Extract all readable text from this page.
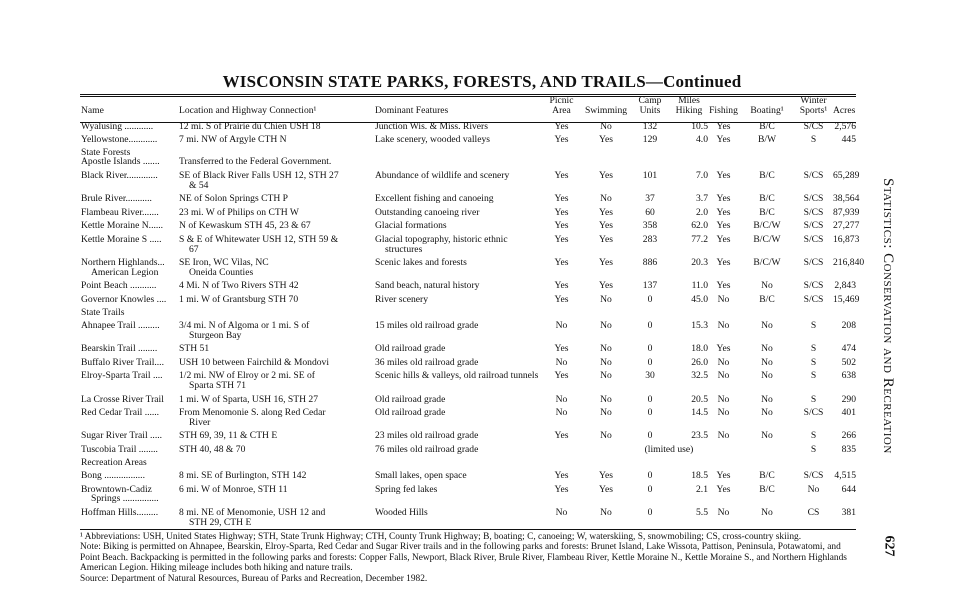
WISCONSIN STATE PARKS, FORESTS, AND TRAILS—Continued
Name	Location and Highway Connection¹	Dominant Features	Picnic Area	Swimming	Camp Units	Miles Hiking	Fishing	Boating¹	Winter Sports¹	Acres
Wyalusing ............	12 mi. S of Prairie du Chien USH 18	Junction Wis. & Miss. Rivers	Yes	No	132	10.5	Yes	B/C	S/CS	2,576
Yellowstone............	7 mi. NW of Argyle CTH N	Lake scenery, wooded valleys	Yes	Yes	129	4.0	Yes	B/W	S	445
State Forests										
Apostle Islands .......	Transferred to the Federal Government.									
Black River.............	SE of Black River Falls USH 12, STH 27	Abundance of wildlife and scenery	Yes	Yes	101	7.0	Yes	B/C	S/CS	65,289
	& 54									
Brule River...........	NE of Solon Springs CTH P	Excellent fishing and canoeing	Yes	No	37	3.7	Yes	B/C	S/CS	38,564
Flambeau River.......	23 mi. W of Philips on CTH W	Outstanding canoeing river	Yes	Yes	60	2.0	Yes	B/C	S/CS	87,939
Kettle Moraine N......	N of Kewaskum STH 45, 23 & 67	Glacial formations	Yes	Yes	358	62.0	Yes	B/C/W	S/CS	27,277
Kettle Moraine S .....	S & E of Whitewater USH 12, STH 59 &	Glacial topography, historic ethnic	Yes	Yes	283	77.2	Yes	B/C/W	S/CS	16,873
	67	structures								
Northern Highlands...	SE Iron, WC Vilas, NC	Scenic lakes and forests	Yes	Yes	886	20.3	Yes	B/C/W	S/CS	216,840
American Legion	Oneida Counties									
Point Beach ...........	4 Mi. N of Two Rivers STH 42	Sand beach, natural history	Yes	Yes	137	11.0	Yes	No	S/CS	2,843
Governor Knowles ....	1 mi. W of Grantsburg STH 70	River scenery	Yes	No	0	45.0	No	B/C	S/CS	15,469
State Trails										
Ahnapee Trail .........	3/4 mi. N of Algoma or 1 mi. S of	15 miles old railroad grade	No	No	0	15.3	No	No	S	208
	Sturgeon Bay									
Bearskin Trail ........	STH 51	Old railroad grade	Yes	No	0	18.0	Yes	No	S	474
Buffalo River Trail....	USH 10 between Fairchild & Mondovi	36 miles old railroad grade	No	No	0	26.0	No	No	S	502
Elroy-Sparta Trail ....	1/2 mi. NW of Elroy or 2 mi. SE of	Scenic hills & valleys, old railroad tunnels	Yes	No	30	32.5	No	No	S	638
	Sparta STH 71									
La Crosse River Trail	1 mi. W of Sparta, USH 16, STH 27	Old railroad grade	No	No	0	20.5	No	No	S	290
Red Cedar Trail ......	From Menomonie S. along Red Cedar	Old railroad grade	No	No	0	14.5	No	No	S/CS	401
	River									
Sugar River Trail .....	STH 69, 39, 11 & CTH E	23 miles old railroad grade	Yes	No	0	23.5	No	No	S	266
Tuscobia Trail ........	STH 40, 48 & 70	76 miles old railroad grade			(limited use)				S	835
Recreation Areas										
Bong .................	8 mi. SE of Burlington, STH 142	Small lakes, open space	Yes	Yes	0	18.5	Yes	B/C	S/CS	4,515
Browntown-Cadiz	6 mi. W of Monroe, STH 11	Spring fed lakes	Yes	Yes	0	2.1	Yes	B/C	No	644
Springs ...............										
Hoffman Hills.........	8 mi. NE of Menomonie, USH 12 and	Wooded Hills	No	No	0	5.5	No	No	CS	381
	STH 29, CTH E									

¹ Abbreviations: USH, United States Highway; STH, State Trunk Highway; CTH, County Trunk Highway; B, boating; C, canoeing; W, waterskiing, S, snowmobiling; CS, cross-country skiing.

Note: Biking is permitted on Ahnapee, Bearskin, Elroy-Sparta, Red Cedar and Sugar River trails and in the following parks and forests: Brunet Island, Lake Wissota, Pattison, Peninsula, Potawatomi, and Point Beach. Backpacking is permitted in the following parks and forests: Copper Falls, Newport, Black River, Brule River, Flambeau River, Kettle Moraine N., Kettle Moraine S., and Northern Highlands American Legion. Hiking mileage includes both hiking and nature trails.

Source: Department of Natural Resources, Bureau of Parks and Recreation, December 1982.

Statistics: Conservation and Recreation
627
